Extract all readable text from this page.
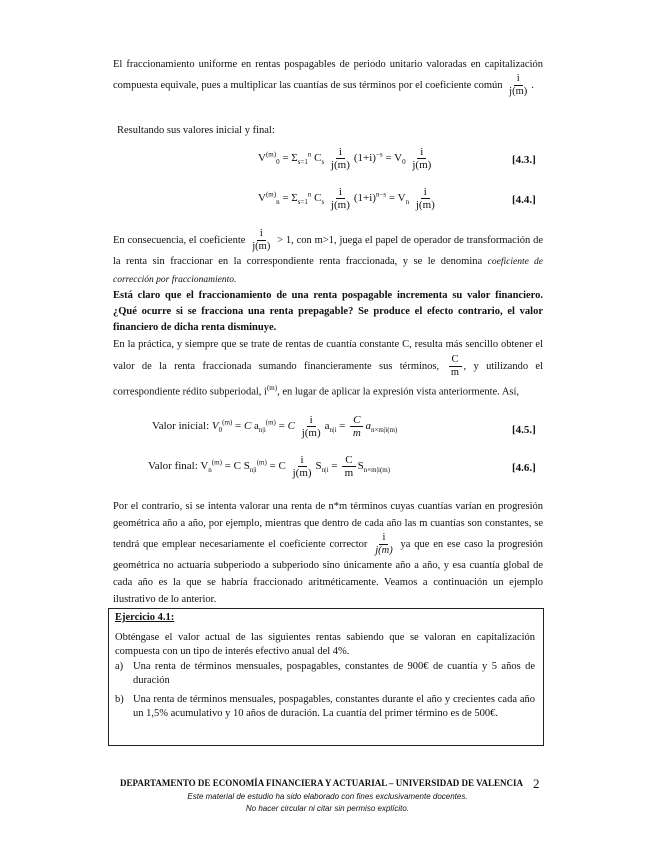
El fraccionamiento uniforme en rentas pospagables de periodo unitario valoradas en capitalización compuesta equivale, pues a multiplicar las cuantías de sus términos por el coeficiente común $\frac{i}{j(m)}$ .

Resultando sus valores inicial y final:

$V^{(m)}_0 = \Sigma_{s=1}^n$ $C_s \frac{i}{j(m)} (1+i)^{-s} = V_0 \frac{i}{j(m)}$	[4.3.]
$V^{(m)}_n = \Sigma_{s=1}^n$ $C_s \frac{i}{j(m)} (1+i)^{n-s} = V_n \frac{i}{j(m)}$	[4.4.]

En consecuencia, el coeficiente $\frac{i}{j(m)} > 1$, con m>1, juega el papel de operador de transformación de la renta sin fraccionar en la correspondiente renta fraccionada, y se le denomina coeficiente de corrección por fraccionamiento.

Está claro que el fraccionamiento de una renta pospagable incrementa su valor financiero. ¿Qué ocurre si se fracciona una renta prepagable? Se produce el efecto contrario, el valor financiero de dicha renta disminuye.

En la práctica, y siempre que se trate de rentas de cuantía constante C, resulta más sencillo obtener el valor de la renta fraccionada sumando financieramente sus términos, $\frac{C}{m}$ , y utilizando el correspondiente rédito subperiodal, $i^{(m)}$, en lugar de aplicar la expresión vista anteriormente. Así,

Valor inicial: $V_0^{(m)} = C$ $a_{n|i}^{(m)} = C \frac{i}{j(m)} a_{n|i} = \frac{C}{m} a_{n\times m|i(m)}$	[4.5.]
Valor final: $V_n^{(m)} = C$ $S_{n|i}^{(m)} = C \frac{i}{j(m)} S_{n|i} = \frac{C}{m} S_{n\times m|i(m)}$	[4.6.]

Por el contrario, si se intenta valorar una renta de n*m términos cuyas cuantías varían en progresión geométrica año a año, por ejemplo, mientras que dentro de cada año las m cuantías son constantes, se tendrá que emplear necesariamente el coeficiente corrector $\frac{i}{j(m)}$ ya que en ese caso la progresión geométrica no actuaría subperiodo a subperiodo sino únicamente año a año, y esa cuantía global de cada año es la que se habría fraccionado aritméticamente. Veamos a continuación un ejemplo ilustrativo de lo anterior.

Ejercicio 4.1:

Obténgase el valor actual de las siguientes rentas sabiendo que se valoran en capitalización compuesta con un tipo de interés efectivo anual del 4%.

a) Una renta de términos mensuales, pospagables, constantes de 900€ de cuantía y 5 años de duración
b) Una renta de términos mensuales, pospagables, constantes durante el año y crecientes cada año un 1,5% acumulativo y 10 años de duración. La cuantía del primer término es de 500€.
DEPARTAMENTO DE ECONOMÍA FINANCIERA Y ACTUARIAL – UNIVERSIDAD DE VALENCIA 2
Este material de estudio ha sido elaborado con fines exclusivamente docentes.
No hacer circular ni citar sin permiso explícito.
